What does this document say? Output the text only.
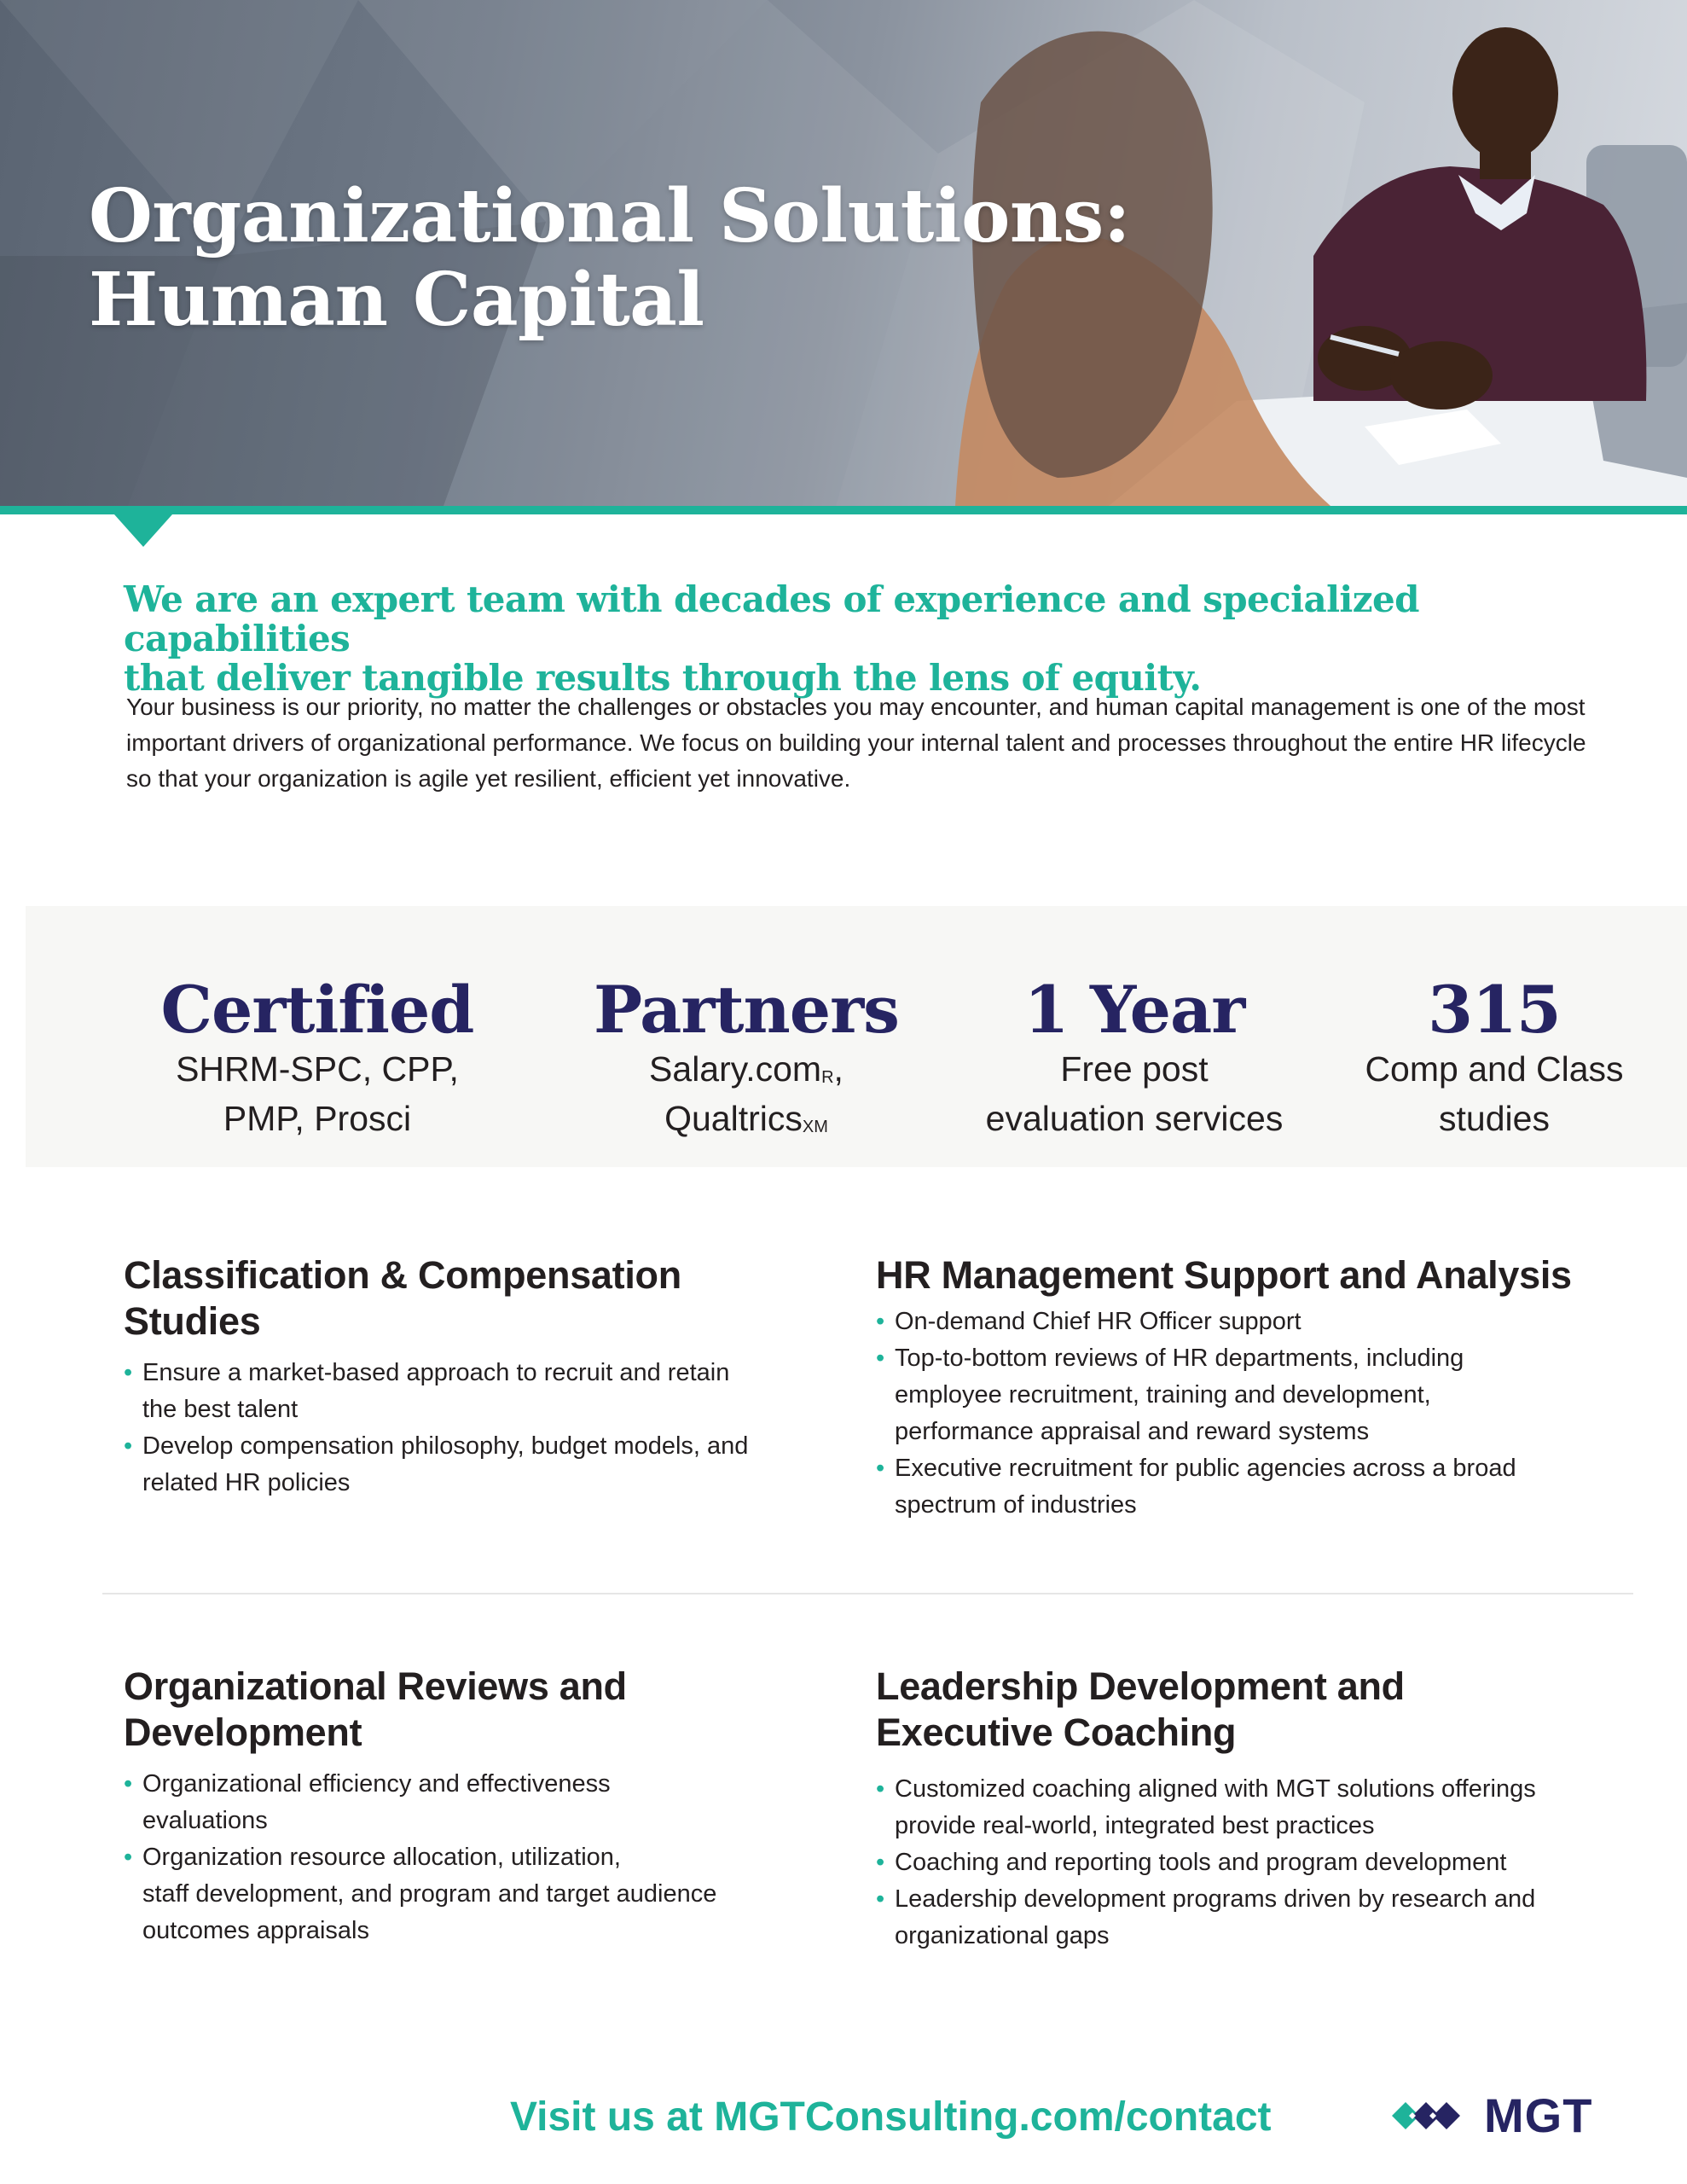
Organizational Solutions:
Human Capital
We are an expert team with decades of experience and specialized capabilities
that deliver tangible results through the lens of equity.

Your business is our priority, no matter the challenges or obstacles you may encounter, and human capital management is one of the most important drivers of organizational performance. We focus on building your internal talent and processes throughout the entire HR lifecycle so that your organization is agile yet resilient, efficient yet innovative.

Certified
SHRM-SPC, CPP,
PMP, Prosci
Partners
Salary.com$^R$,
Qualtrics$^{XM}$
1 Year
Free post
evaluation services
315
Comp and Class
studies
Classification & Compensation
Studies
• Ensure a market-based approach to recruit and retain
the best talent
• Develop compensation philosophy, budget models, and
related HR policies
HR Management Support and Analysis
• On-demand Chief HR Officer support
• Top-to-bottom reviews of HR departments, including
employee recruitment, training and development,
performance appraisal and reward systems
• Executive recruitment for public agencies across a broad
spectrum of industries
Organizational Reviews and
Development
• Organizational efficiency and effectiveness
evaluations
• Organization resource allocation, utilization,
staff development, and program and target audience
outcomes appraisals
Leadership Development and
Executive Coaching
• Customized coaching aligned with MGT solutions offerings
provide real-world, integrated best practices
• Coaching and reporting tools and program development
• Leadership development programs driven by research and
organizational gaps
Visit us at MGTConsulting.com/contact	MGT
